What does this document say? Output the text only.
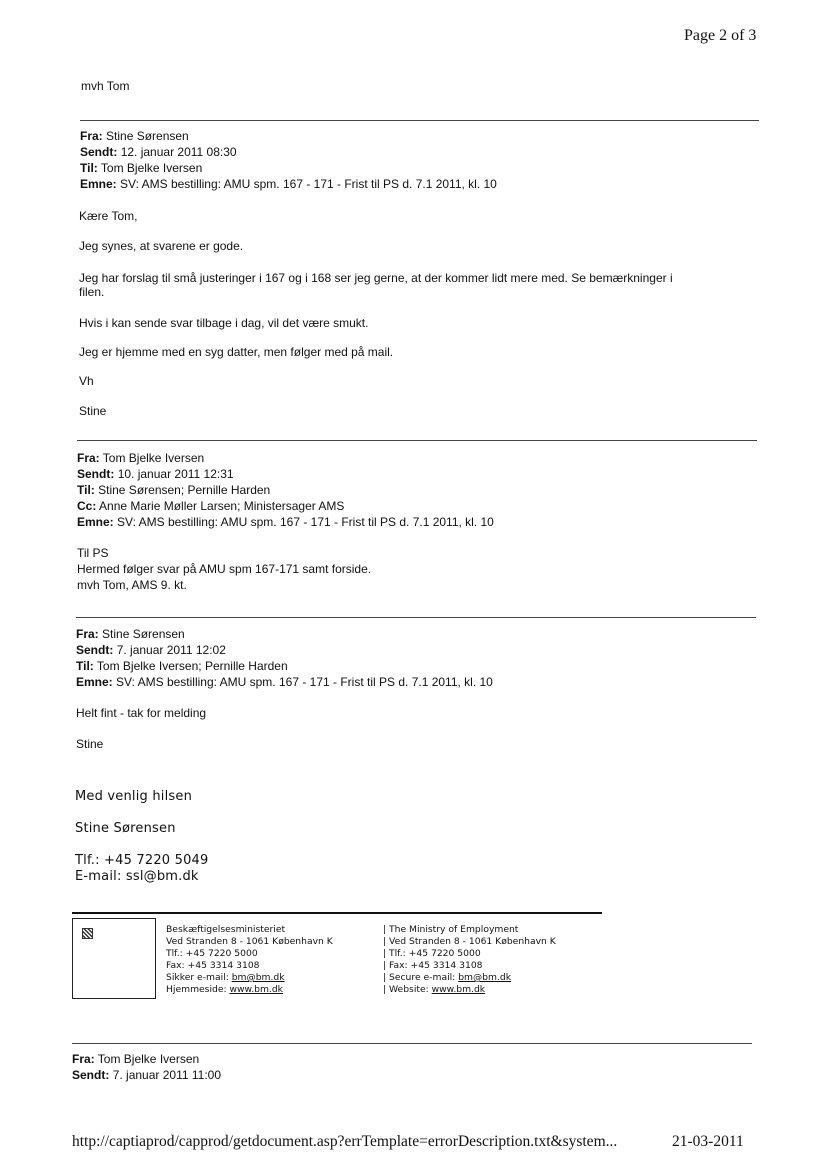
Page 2 of 3
mvh Tom
Fra: Stine Sørensen
Sendt: 12. januar 2011 08:30
Til: Tom Bjelke Iversen
Emne: SV: AMS bestilling: AMU spm. 167 - 171 - Frist til PS d. 7.1 2011, kl. 10
Kære Tom,
Jeg synes, at svarene er gode.
Jeg har forslag til små justeringer i 167 og i 168 ser jeg gerne, at der kommer lidt mere med. Se bemærkninger i
filen.
Hvis i kan sende svar tilbage i dag, vil det være smukt.
Jeg er hjemme med en syg datter, men følger med på mail.
Vh
Stine
Fra: Tom Bjelke Iversen
Sendt: 10. januar 2011 12:31
Til: Stine Sørensen; Pernille Harden
Cc: Anne Marie Møller Larsen; Ministersager AMS
Emne: SV: AMS bestilling: AMU spm. 167 - 171 - Frist til PS d. 7.1 2011, kl. 10
Til PS
Hermed følger svar på AMU spm 167-171 samt forside.
mvh Tom, AMS 9. kt.
Fra: Stine Sørensen
Sendt: 7. januar 2011 12:02
Til: Tom Bjelke Iversen; Pernille Harden
Emne: SV: AMS bestilling: AMU spm. 167 - 171 - Frist til PS d. 7.1 2011, kl. 10
Helt fint - tak for melding
Stine
Med venlig hilsen
Stine Sørensen
Tlf.: +45 7220 5049
E-mail: ssl@bm.dk
Beskæftigelsesministeriet
Ved Stranden 8 - 1061 København K
Tlf.: +45 7220 5000
Fax: +45 3314 3108
Sikker e-mail: bm@bm.dk
Hjemmeside: www.bm.dk
| The Ministry of Employment
| Ved Stranden 8 - 1061 København K
| Tlf.: +45 7220 5000
| Fax: +45 3314 3108
| Secure e-mail: bm@bm.dk
| Website: www.bm.dk
Fra: Tom Bjelke Iversen
Sendt: 7. januar 2011 11:00
http://captiaprod/capprod/getdocument.asp?errTemplate=errorDescription.txt&system...	21-03-2011
